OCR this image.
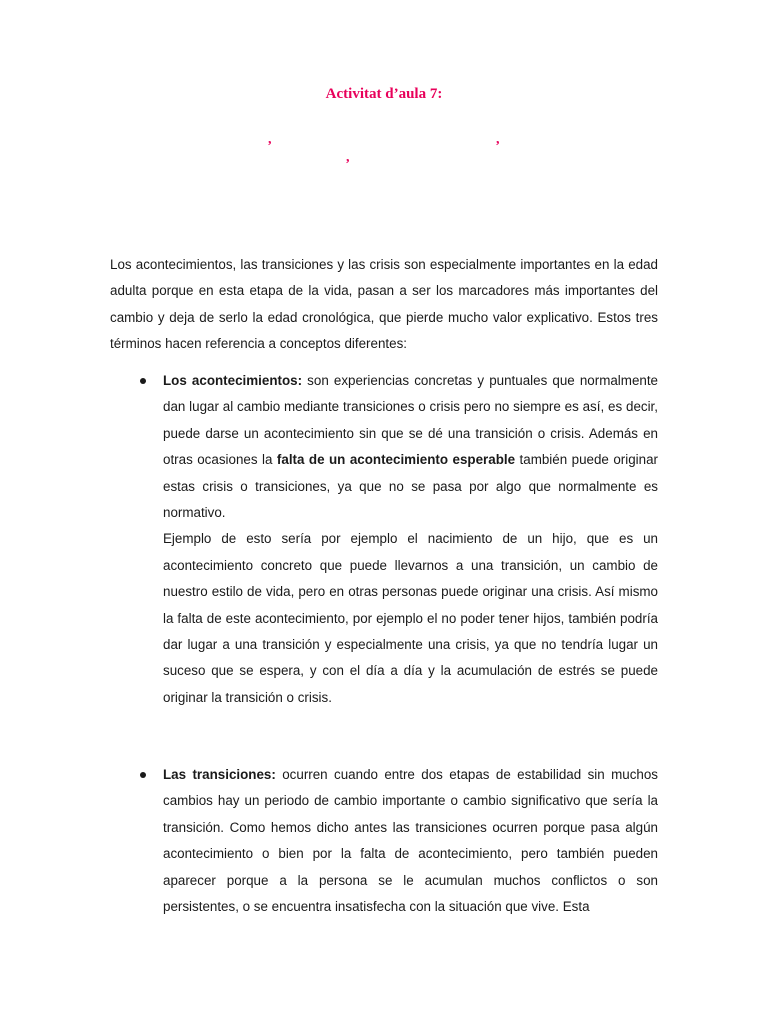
Activitat d’aula 7:
,	,
,

Los acontecimientos, las transiciones y las crisis son especialmente importantes en la edad adulta porque en esta etapa de la vida, pasan a ser los marcadores más importantes del cambio y deja de serlo la edad cronológica, que pierde mucho valor explicativo. Estos tres términos hacen referencia a conceptos diferentes:

Los acontecimientos: son experiencias concretas y puntuales que normalmente dan lugar al cambio mediante transiciones o crisis pero no siempre es así, es decir, puede darse un acontecimiento sin que se dé una transición o crisis. Además en otras ocasiones la falta de un acontecimiento esperable también puede originar estas crisis o transiciones, ya que no se pasa por algo que normalmente es normativo.

Ejemplo de esto sería por ejemplo el nacimiento de un hijo, que es un acontecimiento concreto que puede llevarnos a una transición, un cambio de nuestro estilo de vida, pero en otras personas puede originar una crisis. Así mismo la falta de este acontecimiento, por ejemplo el no poder tener hijos, también podría dar lugar a una transición y especialmente una crisis, ya que no tendría lugar un suceso que se espera, y con el día a día y la acumulación de estrés se puede originar la transición o crisis.

Las transiciones: ocurren cuando entre dos etapas de estabilidad sin muchos cambios hay un periodo de cambio importante o cambio significativo que sería la transición. Como hemos dicho antes las transiciones ocurren porque pasa algún acontecimiento o bien por la falta de acontecimiento, pero también pueden aparecer porque a la persona se le acumulan muchos conflictos o son persistentes, o se encuentra insatisfecha con la situación que vive. Esta
